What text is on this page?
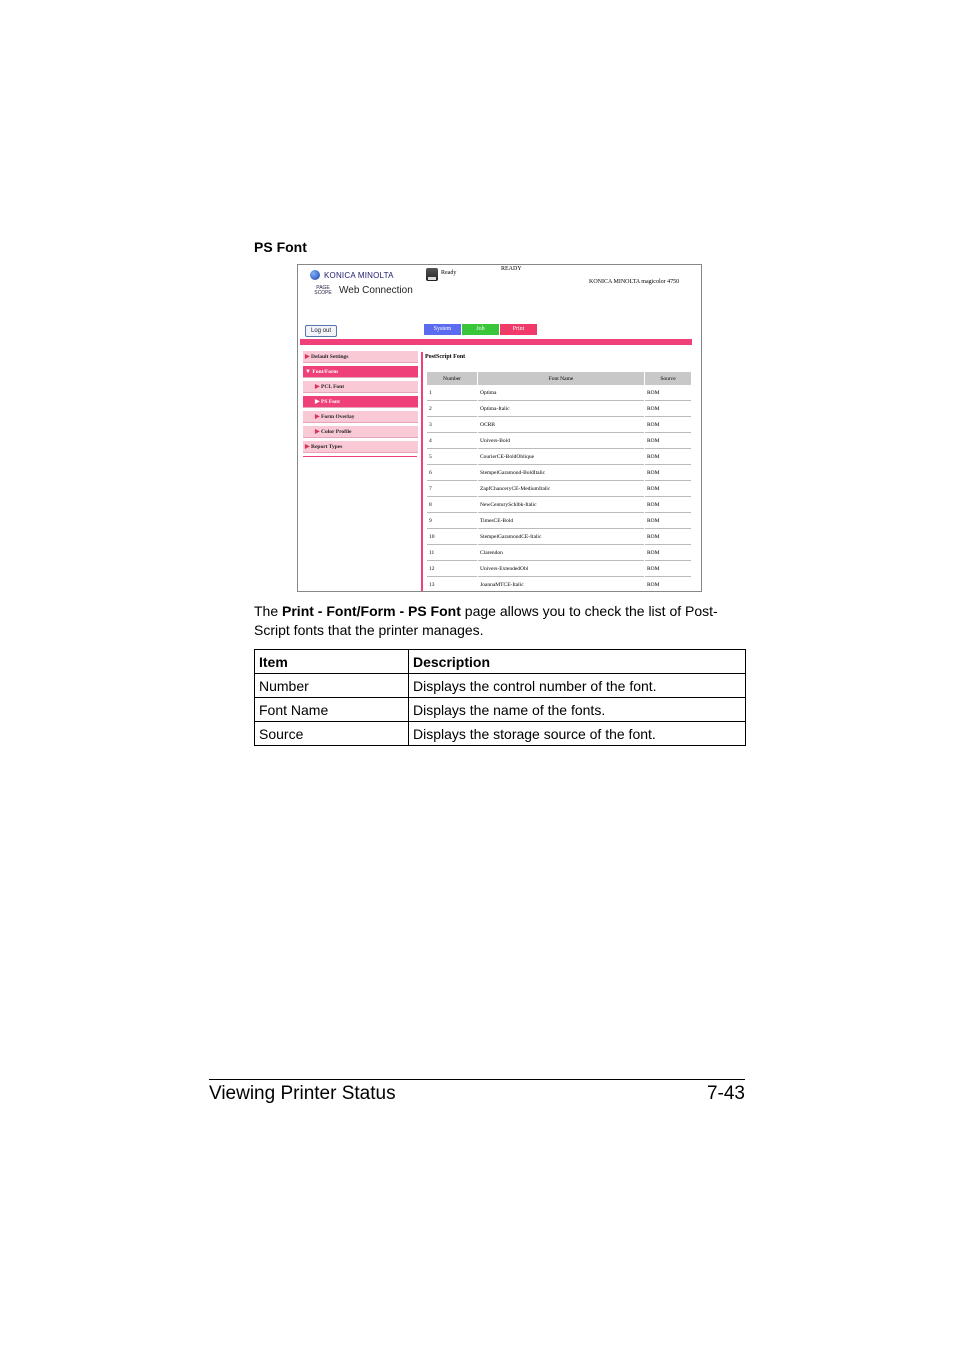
PS Font
KONICA MINOLTA
PAGE
SCOPE Web Connection
Ready
READY
KONICA MINOLTA magicolor 4750
Log out	System	Job	Print
▶ Default Settings
▼ Font/Form
▶ PCL Font
▶ PS Font
▶ Form Overlay
▶ Color Profile
▶ Report Types
PostScript Font
Number	Font Name	Source
1	Optima	ROM
2	Optima-Italic	ROM
3	OCRB	ROM
4	Univers-Bold	ROM
5	CourierCE-BoldOblique	ROM
6	StempelGaramond-BoldItalic	ROM
7	ZapfChanceryCE-MediumItalic	ROM
8	NewCenturySchlbk-Italic	ROM
9	TimesCE-Bold	ROM
10	StempelGaramondCE-Italic	ROM
11	Clarendon	ROM
12	Univers-ExtendedObl	ROM
13	JoannaMTCE-Italic	ROM
The Print - Font/Form - PS Font page allows you to check the list of Post-
Script fonts that the printer manages.
Item	Description
Number	Displays the control number of the font.
Font Name	Displays the name of the fonts.
Source	Displays the storage source of the font.
Viewing Printer Status	7-43
